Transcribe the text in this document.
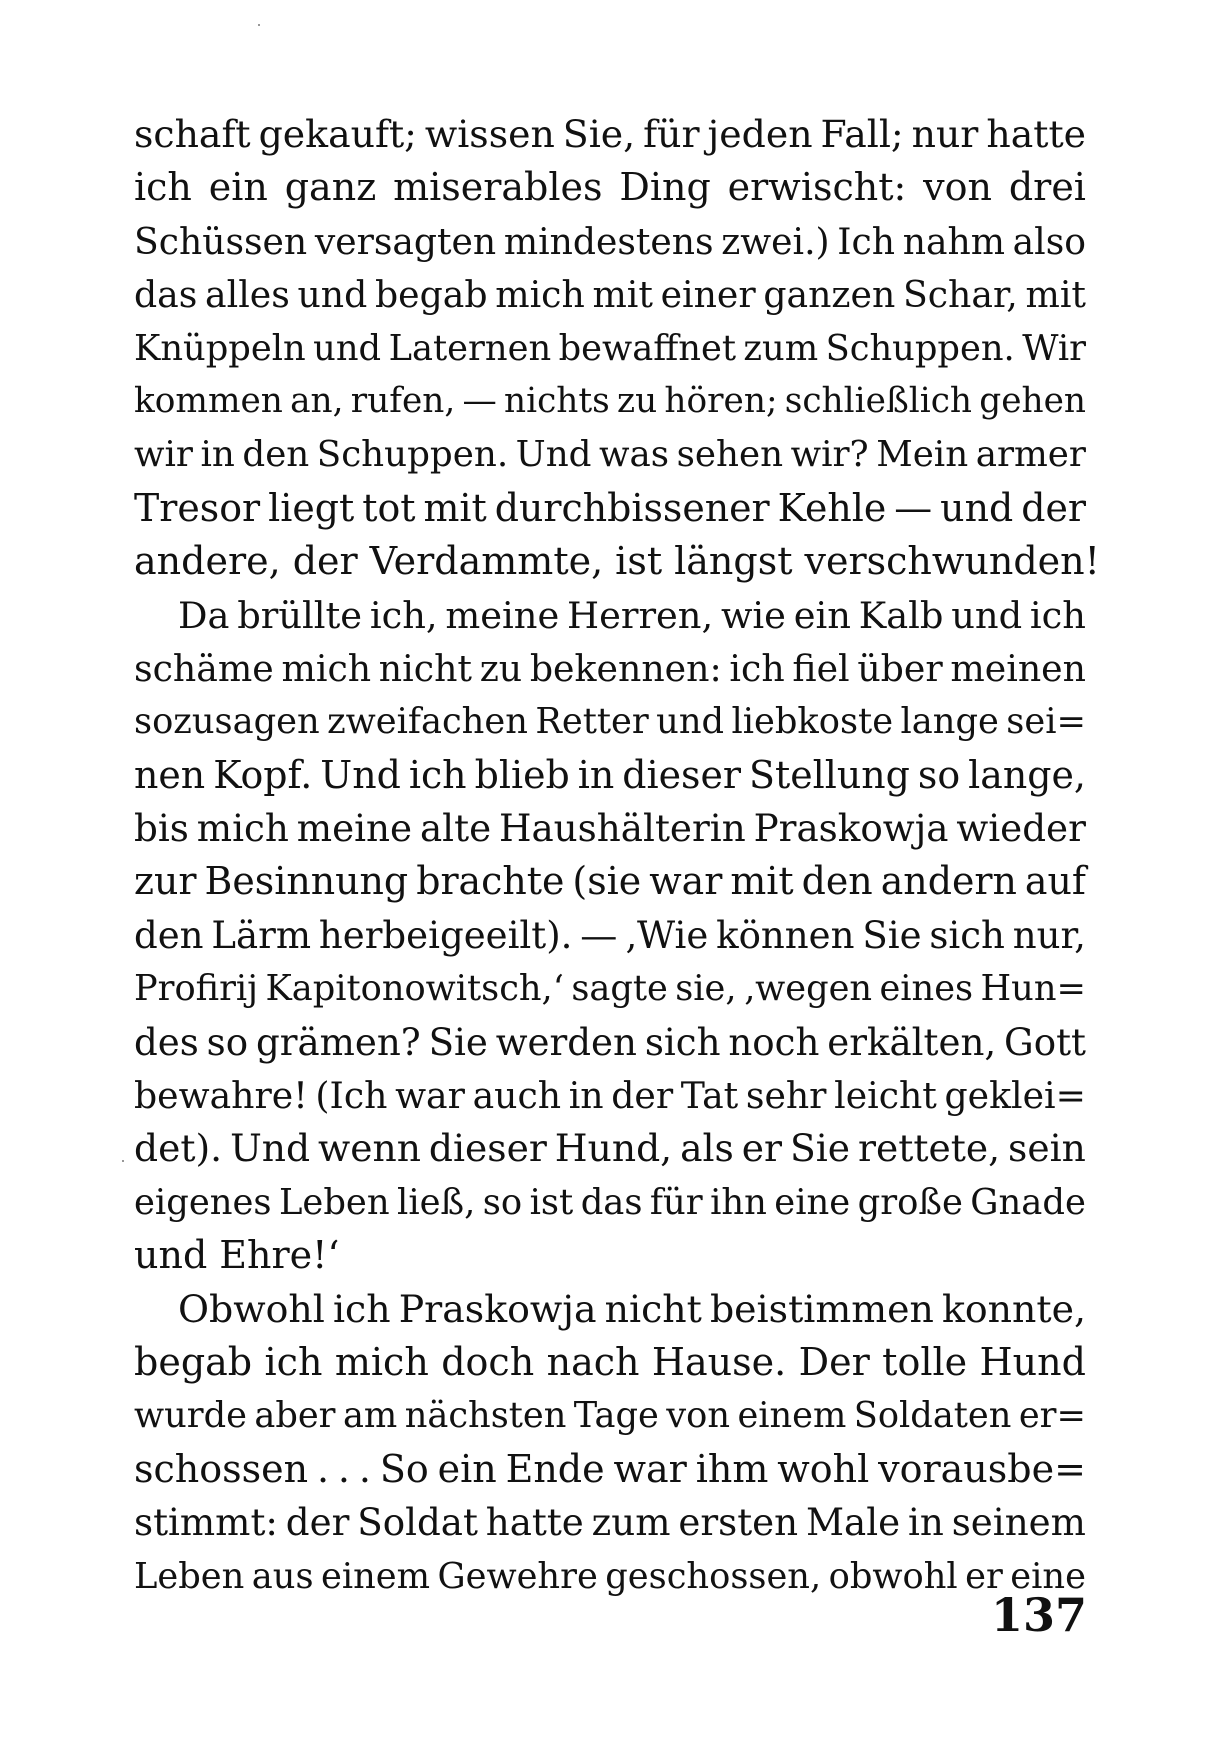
schaft gekauft; wissen Sie, für jeden Fall; nur hatte
ich ein ganz miserables Ding erwischt: von drei
Schüssen versagten mindestens zwei.) Ich nahm also
das alles und begab mich mit einer ganzen Schar, mit
Knüppeln und Laternen bewaffnet zum Schuppen. Wir
kommen an, rufen, — nichts zu hören; schließlich gehen
wir in den Schuppen. Und was sehen wir? Mein armer
Tresor liegt tot mit durchbissener Kehle — und der
andere, der Verdammte, ist längst verschwunden!
Da brüllte ich, meine Herren, wie ein Kalb und ich
schäme mich nicht zu bekennen: ich fiel über meinen
sozusagen zweifachen Retter und liebkoste lange sei=
nen Kopf. Und ich blieb in dieser Stellung so lange,
bis mich meine alte Haushälterin Praskowja wieder
zur Besinnung brachte (sie war mit den andern auf
den Lärm herbeigeeilt). — ‚Wie können Sie sich nur,
Profirij Kapitonowitsch,‘ sagte sie, ‚wegen eines Hun=
des so grämen? Sie werden sich noch erkälten, Gott
bewahre! (Ich war auch in der Tat sehr leicht geklei=
det). Und wenn dieser Hund, als er Sie rettete, sein
eigenes Leben ließ, so ist das für ihn eine große Gnade
und Ehre!‘
Obwohl ich Praskowja nicht beistimmen konnte,
begab ich mich doch nach Hause. Der tolle Hund
wurde aber am nächsten Tage von einem Soldaten er=
schossen . . . So ein Ende war ihm wohl vorausbe=
stimmt: der Soldat hatte zum ersten Male in seinem
Leben aus einem Gewehre geschossen, obwohl er eine
137
